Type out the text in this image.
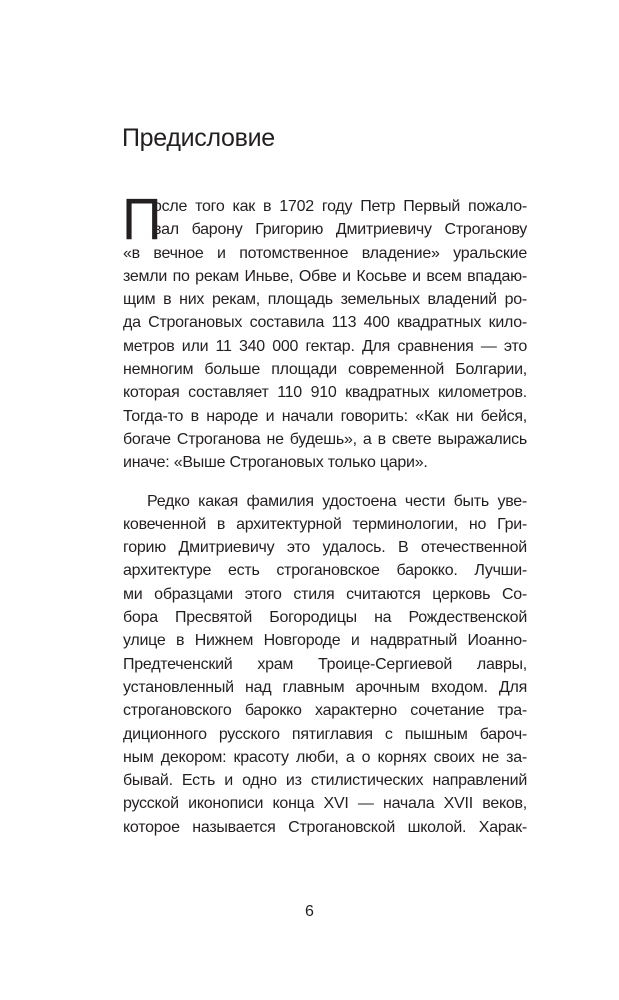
Предисловие
П
осле того как в 1702 году Петр Первый пожало-
вал барону Григорию Дмитриевичу Строганову
«в вечное и потомственное владение» уральские
земли по рекам Иньве, Обве и Косьве и всем впадаю-
щим в них рекам, площадь земельных владений ро-
да Строгановых составила 113 400 квадратных кило-
метров или 11 340 000 гектар. Для сравнения — это
немногим больше площади современной Болгарии,
которая составляет 110 910 квадратных километров.
Тогда-то в народе и начали говорить: «Как ни бейся,
богаче Строганова не будешь», а в свете выражались
иначе: «Выше Строгановых только цари».
Редко какая фамилия удостоена чести быть уве-
ковеченной в архитектурной терминологии, но Гри-
горию Дмитриевичу это удалось. В отечественной
архитектуре есть строгановское барокко. Лучши-
ми образцами этого стиля считаются церковь Со-
бора Пресвятой Богородицы на Рождественской
улице в Нижнем Новгороде и надвратный Иоанно-
Предтеченский храм Троице-Сергиевой лавры,
установленный над главным арочным входом. Для
строгановского барокко характерно сочетание тра-
диционного русского пятиглавия с пышным бароч-
ным декором: красоту люби, а о корнях своих не за-
бывай. Есть и одно из стилистических направлений
русской иконописи конца XVI — начала XVII веков,
которое называется Строгановской школой. Харак-
6
